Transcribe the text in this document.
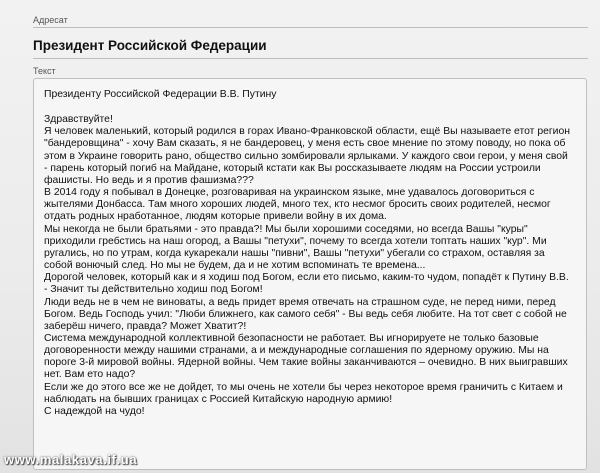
Адресат
Президент Российской Федерации
Текст

Президенту Российской Федерации В.В. Путину

Здравствуйте!

Я человек маленький, который родился в горах Ивано-Франковской области, ещё Вы называете етот регион "бандеровщина" - хочу Вам сказать, я не бандеровец, у меня есть свое мнение по этому поводу, но пока об этом в Украине говорить рано, общество сильно зомбировали ярлыками. У каждого свои герои, у меня свой - парень который погиб на Майдане, который кстати как Вы россказываете людям на России устроили фашисты. Но ведь и я против фашизма???

В 2014 году я побывал в Донецке, розговаривая на украинском языке, мне удавалось договориться с жытелями Донбасса. Там много хороших людей, много тех, кто несмог бросить своих родителей, несмог отдать родных нработанное, людям которые привели войну в их дома.

Мы некогда не были братьями - это правда?! Мы были хорошими соседями, но всегда Вашы "куры" приходили гребстись на наш огород, а Вашы "петухи", почему то всегда хотели топтать наших "кур". Ми ругались, но по утрам, когда кукарекали нашы "пивни", Вашы "петухи" убегали со страхом, оставляя за собой вонючый след. Но мы не будем, да и не хотим вспоминать те времена...

Дорогой человек, который как и я ходиш под Богом, если ето письмо, каким-то чудом, попадёт к Путину В.В. - Значит ты действительно ходиш под Богом!

Люди ведь не в чем не виноваты, а ведь придет время отвечать на страшном суде, не перед ними, перед Богом. Ведь Господь учил: "Люби ближнего, как самого себя" - Вы ведь себя любите. На тот свет с собой не заберёш ничего, правда? Может Хватит?!

Система международной коллективной безопасности не работает. Вы игнорируете не только базовые договоренности между нашими странами, а и международные соглашения по ядерному оружию. Мы на пороге 3-й мировой войны. Ядерной войны. Чем такие войны заканчиваются – очевидно. В них выигравших нет. Вам ето надо?

Если же до этого все же не дойдет, то мы очень не хотели бы через некоторое время граничить с Китаем и наблюдать на бывших границах с Россией Китайскую народную армию!

С надеждой на чудо!

www.malakava.if.ua
